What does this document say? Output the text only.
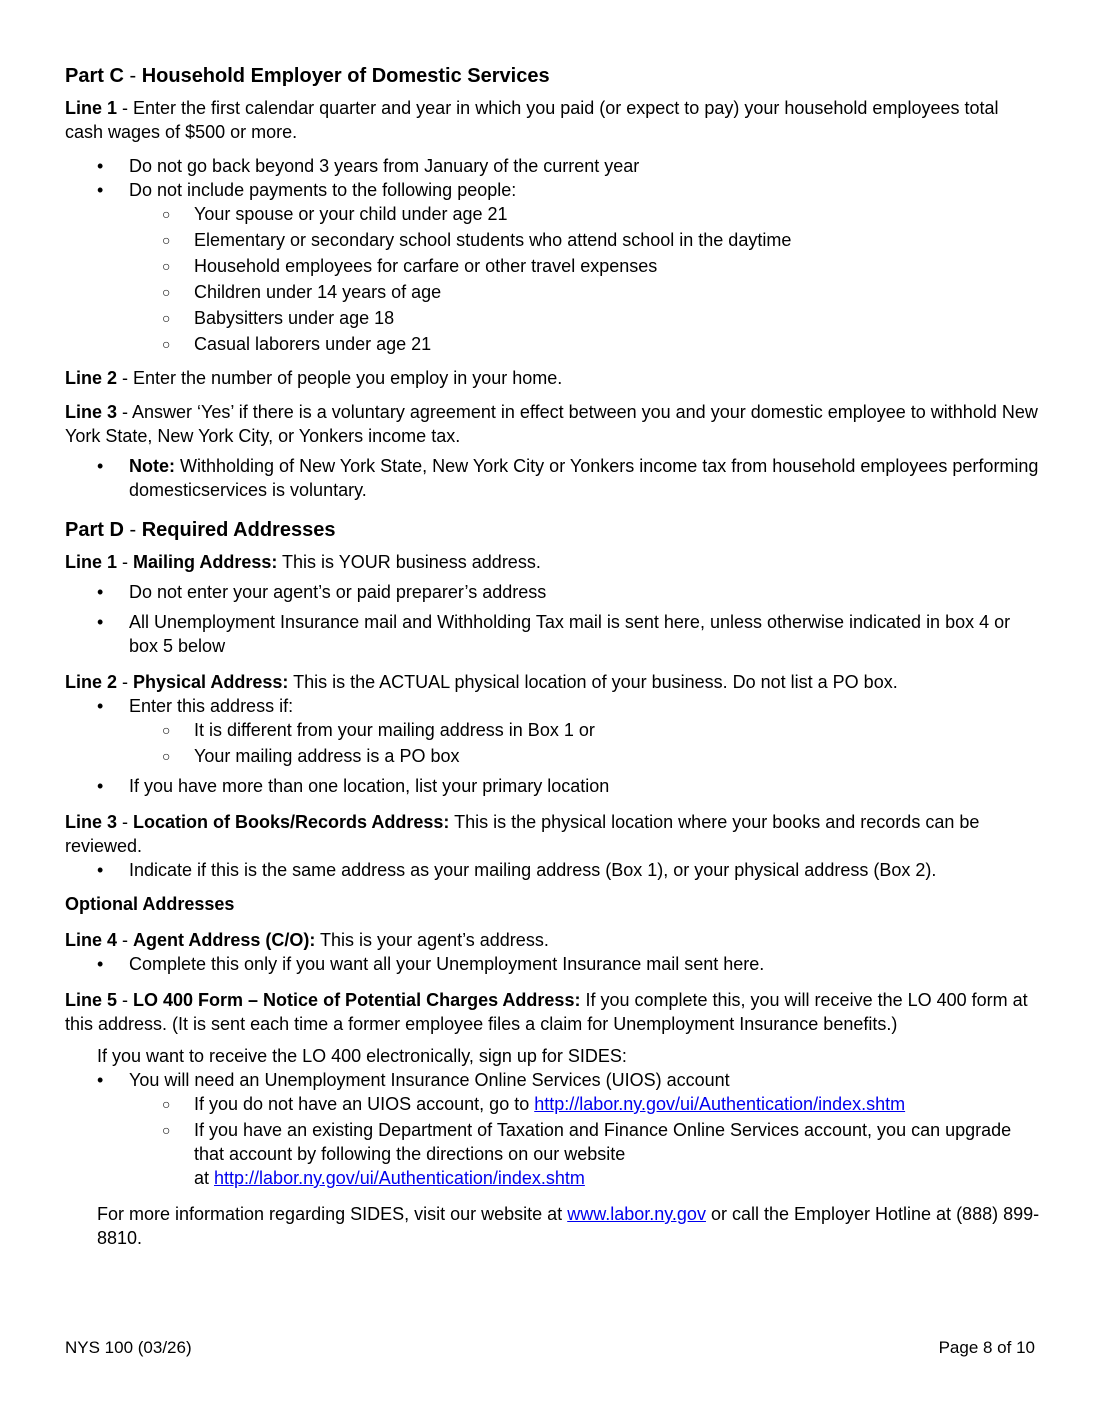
Part C - Household Employer of Domestic Services

Line 1 - Enter the first calendar quarter and year in which you paid (or expect to pay) your household employees total cash wages of $500 or more.

• Do not go back beyond 3 years from January of the current year
• Do not include payments to the following people:
○ Your spouse or your child under age 21
○ Elementary or secondary school students who attend school in the daytime
○ Household employees for carfare or other travel expenses
○ Children under 14 years of age
○ Babysitters under age 18
○ Casual laborers under age 21

Line 2 - Enter the number of people you employ in your home.

Line 3 - Answer ‘Yes’ if there is a voluntary agreement in effect between you and your domestic employee to withhold New York State, New York City, or Yonkers income tax.

• Note: Withholding of New York State, New York City or Yonkers income tax from household employees performing domesticservices is voluntary.
Part D - Required Addresses

Line 1 - Mailing Address: This is YOUR business address.

• Do not enter your agent’s or paid preparer’s address
• All Unemployment Insurance mail and Withholding Tax mail is sent here, unless otherwise indicated in box 4 or box 5 below

Line 2 - Physical Address: This is the ACTUAL physical location of your business. Do not list a PO box.

• Enter this address if:
○ It is different from your mailing address in Box 1 or
○ Your mailing address is a PO box
• If you have more than one location, list your primary location

Line 3 - Location of Books/Records Address: This is the physical location where your books and records can be reviewed.

• Indicate if this is the same address as your mailing address (Box 1), or your physical address (Box 2).
Optional Addresses

Line 4 - Agent Address (C/O): This is your agent’s address.

• Complete this only if you want all your Unemployment Insurance mail sent here.

Line 5 - LO 400 Form – Notice of Potential Charges Address: If you complete this, you will receive the LO 400 form at this address. (It is sent each time a former employee files a claim for Unemployment Insurance benefits.)

If you want to receive the LO 400 electronically, sign up for SIDES:
• You will need an Unemployment Insurance Online Services (UIOS) account
○ If you do not have an UIOS account, go to http://labor.ny.gov/ui/Authentication/index.shtm
○ If you have an existing Department of Taxation and Finance Online Services account, you can upgrade that account by following the directions on our website
at http://labor.ny.gov/ui/Authentication/index.shtm
For more information regarding SIDES, visit our website at www.labor.ny.gov or call the Employer Hotline at (888) 899-8810.
NYS 100 (03/26)	Page 8 of 10
